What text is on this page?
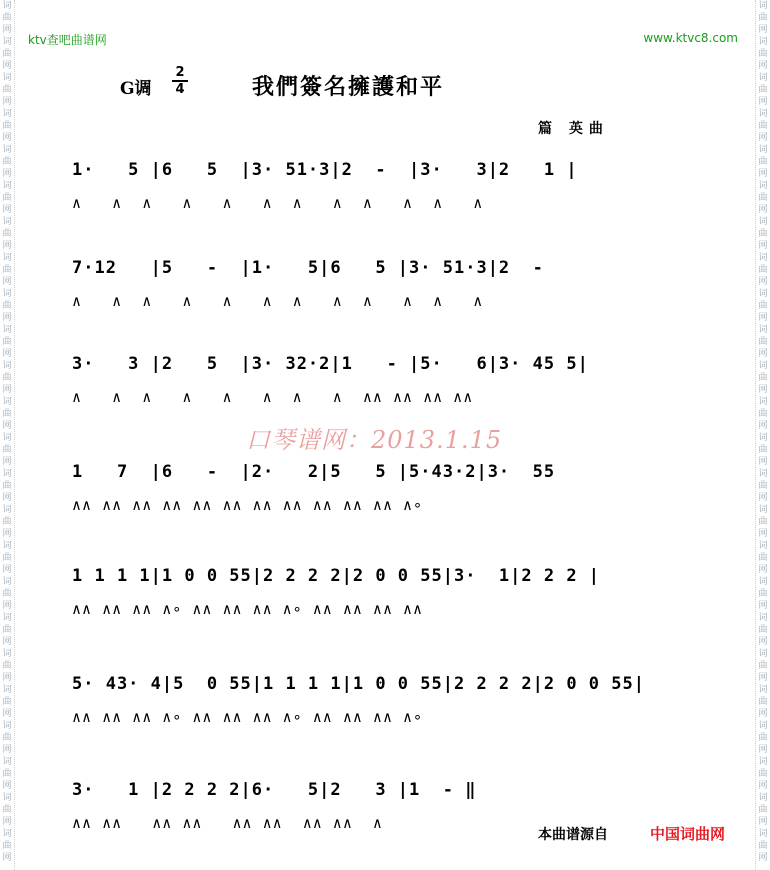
词曲网词曲网词曲网词曲网词曲网词曲网词曲网词曲网词曲网词曲网词曲网词曲网词曲网词曲网词曲网词曲网词曲网词曲网词曲网词曲网词曲网词曲网词曲网词曲网
词曲网词曲网词曲网词曲网词曲网词曲网词曲网词曲网词曲网词曲网词曲网词曲网词曲网词曲网词曲网词曲网词曲网词曲网词曲网词曲网词曲网词曲网词曲网词曲网
ktv查吧曲谱网	www.ktvc8.com
G调
2
4	我們簽名擁護和平
篇 英曲
1·   5 |6   5  |3· 51·3|2  -  |3·   3|2   1 |
∧   ∧  ∧   ∧   ∧   ∧  ∧   ∧  ∧   ∧  ∧   ∧
7·12   |5   -  |1·   5|6   5 |3· 51·3|2  -
∧   ∧  ∧   ∧   ∧   ∧  ∧   ∧  ∧   ∧  ∧   ∧
3·   3 |2   5  |3· 32·2|1   - |5·   6|3· 45 5|
∧   ∧  ∧   ∧   ∧   ∧  ∧   ∧  ∧∧ ∧∧ ∧∧ ∧∧
1   7  |6   -  |2·   2|5   5 |5·43·2|3·  55
∧∧ ∧∧ ∧∧ ∧∧ ∧∧ ∧∧ ∧∧ ∧∧ ∧∧ ∧∧ ∧∧ ∧∘
1 1 1 1|1 0 0 55|2 2 2 2|2 0 0 55|3·  1|2 2 2 |
∧∧ ∧∧ ∧∧ ∧∘ ∧∧ ∧∧ ∧∧ ∧∘ ∧∧ ∧∧ ∧∧ ∧∧
5· 43· 4|5  0 55|1 1 1 1|1 0 0 55|2 2 2 2|2 0 0 55|
∧∧ ∧∧ ∧∧ ∧∘ ∧∧ ∧∧ ∧∧ ∧∘ ∧∧ ∧∧ ∧∧ ∧∘
3·   1 |2 2 2 2|6·   5|2   3 |1  - ‖
∧∧ ∧∧   ∧∧ ∧∧   ∧∧ ∧∧  ∧∧ ∧∧  ∧
口琴谱网：2013.1.15
本曲谱源自	中国词曲网
